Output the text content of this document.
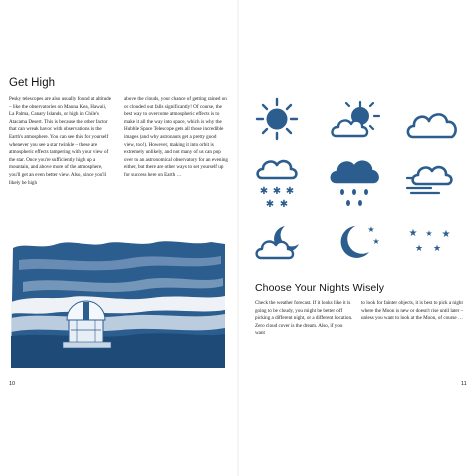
Get High

Pesky telescopes are also usually found at altitude – like the observatories on Mauna Kea, Hawaii, La Palma, Canary Islands, or high in Chile's Atacama Desert. This is because the other factor that can wreak havoc with observations is the Earth's atmosphere. You can see this for yourself whenever you see a star twinkle – these are atmospheric effects tampering with your view of the star. Once you're sufficiently high up a mountain, and above more of the atmosphere, you'll get an even better view. Also, since you'll likely be high

above the clouds, your chance of getting rained on or clouded out falls significantly! Of course, the best way to overcome atmospheric effects is to make it all the way into space, which is why the Hubble Space Telescope gets all those incredible images (and why astronauts get a pretty good view, too!). However, making it into orbit is extremely unlikely, and not many of us can pop over to an astronomical observatory for an evening either, but there are other ways to set yourself up for success here on Earth …

10
✱ ✱ ✱
✱ ✱
★
★
★ ★ ★
★ ★
Choose Your Nights Wisely

Check the weather forecast. If it looks like it is going to be cloudy, you might be better off picking a different night, or a different location. Zero cloud cover is the dream. Also, if you want

to look for fainter objects, it is best to pick a night where the Moon is new or doesn't rise until later – unless you want to look at the Moon, of course …

11
